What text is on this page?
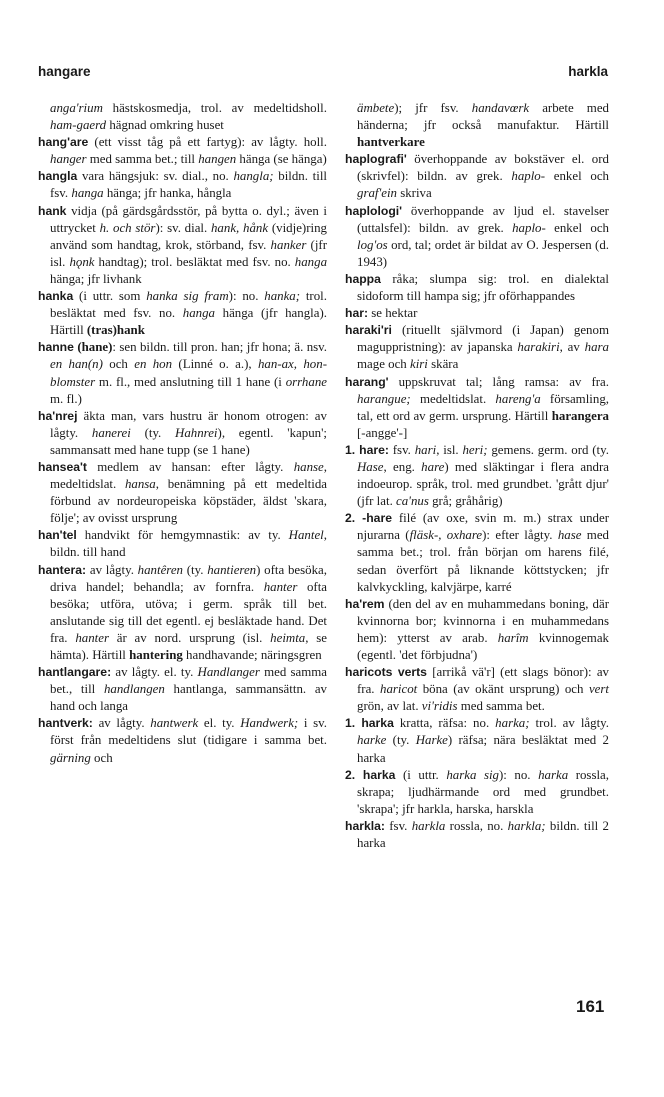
hangare	harkla

anga'rium hästskosmedja, trol. av medeltidsholl. ham-gaerd hägnad omkring huset

hang'are (ett visst tåg på ett fartyg): av lågty. holl. hanger med samma bet.; till hangen hänga (se hänga)

hangla vara hängsjuk: sv. dial., no. hangla; bildn. till fsv. hanga hänga; jfr hanka, hångla

hank vidja (på gärdsgårdsstör, på bytta o. dyl.; även i uttrycket h. och stör): sv. dial. hank, hånk (vidje)ring använd som handtag, krok, störband, fsv. hanker (jfr isl. hǫnk handtag); trol. besläktat med fsv. no. hanga hänga; jfr livhank

hanka (i uttr. som hanka sig fram): no. hanka; trol. besläktat med fsv. no. hanga hänga (jfr hangla). Härtill (tras)hank

hanne (hane): sen bildn. till pron. han; jfr hona; ä. nsv. en han(n) och en hon (Linné o. a.), han-ax, hon-blomster m. fl., med anslutning till 1 hane (i orrhane m. fl.)

ha'nrej äkta man, vars hustru är honom otrogen: av lågty. hanerei (ty. Hahnrei), egentl. 'kapun'; sammansatt med hane tupp (se 1 hane)

hansea't medlem av hansan: efter lågty. hanse, medeltidslat. hansa, benämning på ett medeltida förbund av nordeuropeiska köpstäder, äldst 'skara, följe'; av ovisst ursprung

han'tel handvikt för hemgymnastik: av ty. Hantel, bildn. till hand

hantera: av lågty. hantêren (ty. hantieren) ofta besöka, driva handel; behandla; av fornfra. hanter ofta besöka; utföra, utöva; i germ. språk till bet. anslutande sig till det egentl. ej besläktade hand. Det fra. hanter är av nord. ursprung (isl. heimta, se hämta). Härtill hantering handhavande; näringsgren

hantlangare: av lågty. el. ty. Handlanger med samma bet., till handlangen hantlanga, sammansättn. av hand och langa

hantverk: av lågty. hantwerk el. ty. Handwerk; i sv. först från medeltidens slut (tidigare i samma bet. gärning och

ämbete); jfr fsv. handavœrk arbete med händerna; jfr också manufaktur. Härtill hantverkare

haplografi' överhoppande av bokstäver el. ord (skrivfel): bildn. av grek. haplo- enkel och graf'ein skriva

haplologi' överhoppande av ljud el. stavelser (uttalsfel): bildn. av grek. haplo- enkel och log'os ord, tal; ordet är bildat av O. Jespersen (d. 1943)

happa råka; slumpa sig: trol. en dialektal sidoform till hampa sig; jfr oförhappandes

har: se hektar

haraki'ri (rituellt självmord (i Japan) genom maguppristning): av japanska harakiri, av hara mage och kiri skära

harang' uppskruvat tal; lång ramsa: av fra. harangue; medeltidslat. hareng'a församling, tal, ett ord av germ. ursprung. Härtill harangera [-angge'-]

1. hare: fsv. hari, isl. heri; gemens. germ. ord (ty. Hase, eng. hare) med släktingar i flera andra indoeurop. språk, trol. med grundbet. 'grått djur' (jfr lat. ca'nus grå; gråhårig)

2. -hare filé (av oxe, svin m. m.) strax under njurarna (fläsk-, oxhare): efter lågty. hase med samma bet.; trol. från början om harens filé, sedan överfört på liknande köttstycken; jfr kalvkyckling, kalvjärpe, karré

ha'rem (den del av en muhammedans boning, där kvinnorna bor; kvinnorna i en muhammedans hem): ytterst av arab. harîm kvinnogemak (egentl. 'det förbjudna')

haricots verts [arrikå vä'r] (ett slags bönor): av fra. haricot böna (av okänt ursprung) och vert grön, av lat. vi'ridis med samma bet.

1. harka kratta, räfsa: no. harka; trol. av lågty. harke (ty. Harke) räfsa; nära besläktat med 2 harka

2. harka (i uttr. harka sig): no. harka rossla, skrapa; ljudhärmande ord med grundbet. 'skrapa'; jfr harkla, harska, harskla

harkla: fsv. harkla rossla, no. harkla; bildn. till 2 harka

161
